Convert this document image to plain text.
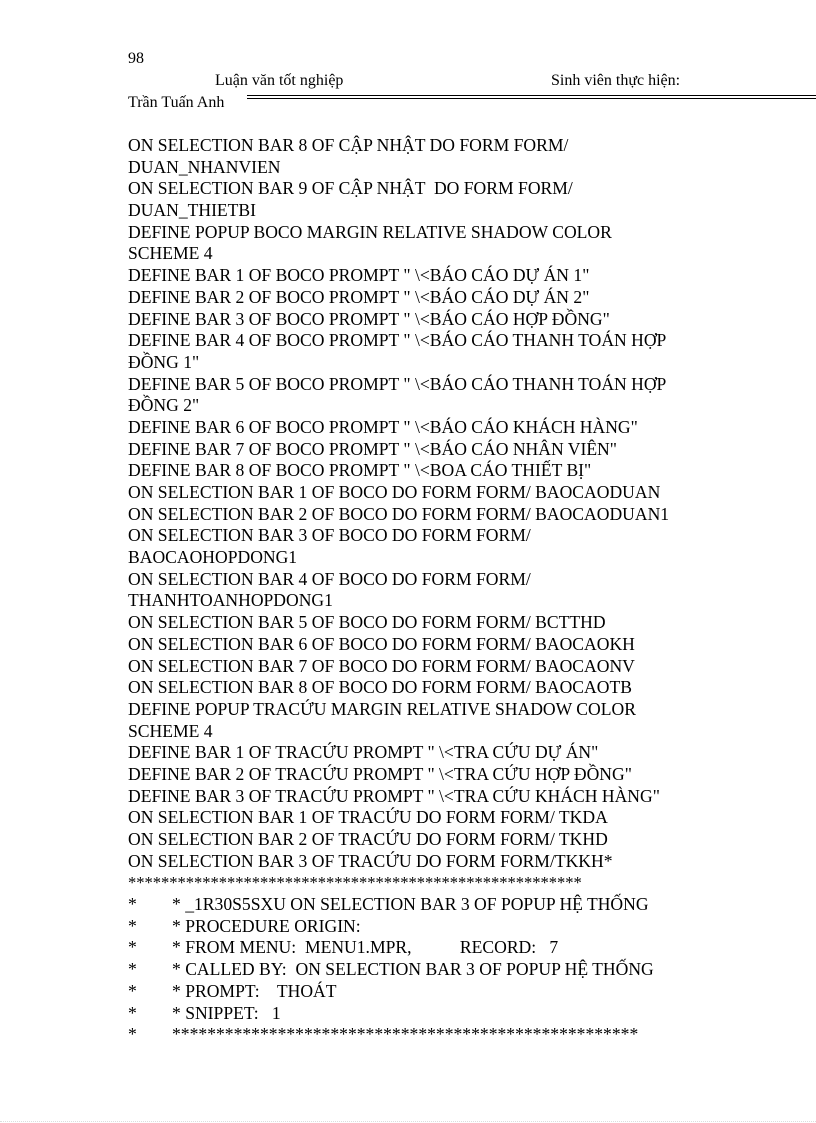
98
Luận văn tốt nghiệp	Sinh viên thực hiện:
Trần Tuấn Anh
ON SELECTION BAR 8 OF CẬP NHẬT DO FORM FORM/
DUAN_NHANVIEN
ON SELECTION BAR 9 OF CẬP NHẬT  DO FORM FORM/
DUAN_THIETBI
DEFINE POPUP BOCO MARGIN RELATIVE SHADOW COLOR
SCHEME 4
DEFINE BAR 1 OF BOCO PROMPT " \<BÁO CÁO DỰ ÁN 1"
DEFINE BAR 2 OF BOCO PROMPT " \<BÁO CÁO DỰ ÁN 2"
DEFINE BAR 3 OF BOCO PROMPT " \<BÁO CÁO HỢP ĐỒNG"
DEFINE BAR 4 OF BOCO PROMPT " \<BÁO CÁO THANH TOÁN HỢP
ĐỒNG 1"
DEFINE BAR 5 OF BOCO PROMPT " \<BÁO CÁO THANH TOÁN HỢP
ĐỒNG 2"
DEFINE BAR 6 OF BOCO PROMPT " \<BÁO CÁO KHÁCH HÀNG"
DEFINE BAR 7 OF BOCO PROMPT " \<BÁO CÁO NHÂN VIÊN"
DEFINE BAR 8 OF BOCO PROMPT " \<BOA CÁO THIẾT BỊ"
ON SELECTION BAR 1 OF BOCO DO FORM FORM/ BAOCAODUAN
ON SELECTION BAR 2 OF BOCO DO FORM FORM/ BAOCAODUAN1
ON SELECTION BAR 3 OF BOCO DO FORM FORM/
BAOCAOHOPDONG1
ON SELECTION BAR 4 OF BOCO DO FORM FORM/
THANHTOANHOPDONG1
ON SELECTION BAR 5 OF BOCO DO FORM FORM/ BCTTHD
ON SELECTION BAR 6 OF BOCO DO FORM FORM/ BAOCAOKH
ON SELECTION BAR 7 OF BOCO DO FORM FORM/ BAOCAONV
ON SELECTION BAR 8 OF BOCO DO FORM FORM/ BAOCAOTB
DEFINE POPUP TRACỨU MARGIN RELATIVE SHADOW COLOR
SCHEME 4
DEFINE BAR 1 OF TRACỨU PROMPT " \<TRA CỨU DỰ ÁN"
DEFINE BAR 2 OF TRACỨU PROMPT " \<TRA CỨU HỢP ĐỒNG"
DEFINE BAR 3 OF TRACỨU PROMPT " \<TRA CỨU KHÁCH HÀNG"
ON SELECTION BAR 1 OF TRACỨU DO FORM FORM/ TKDA
ON SELECTION BAR 2 OF TRACỨU DO FORM FORM/ TKHD
ON SELECTION BAR 3 OF TRACỨU DO FORM FORM/TKKH*
*******************************************************
* * _1R30S5SXU ON SELECTION BAR 3 OF POPUP HỆ THỐNG
* * PROCEDURE ORIGIN:
* * FROM MENU:  MENU1.MPR,           RECORD:   7
* * CALLED BY:  ON SELECTION BAR 3 OF POPUP HỆ THỐNG
* * PROMPT:    THOÁT
* * SNIPPET:   1
* *****************************************************
